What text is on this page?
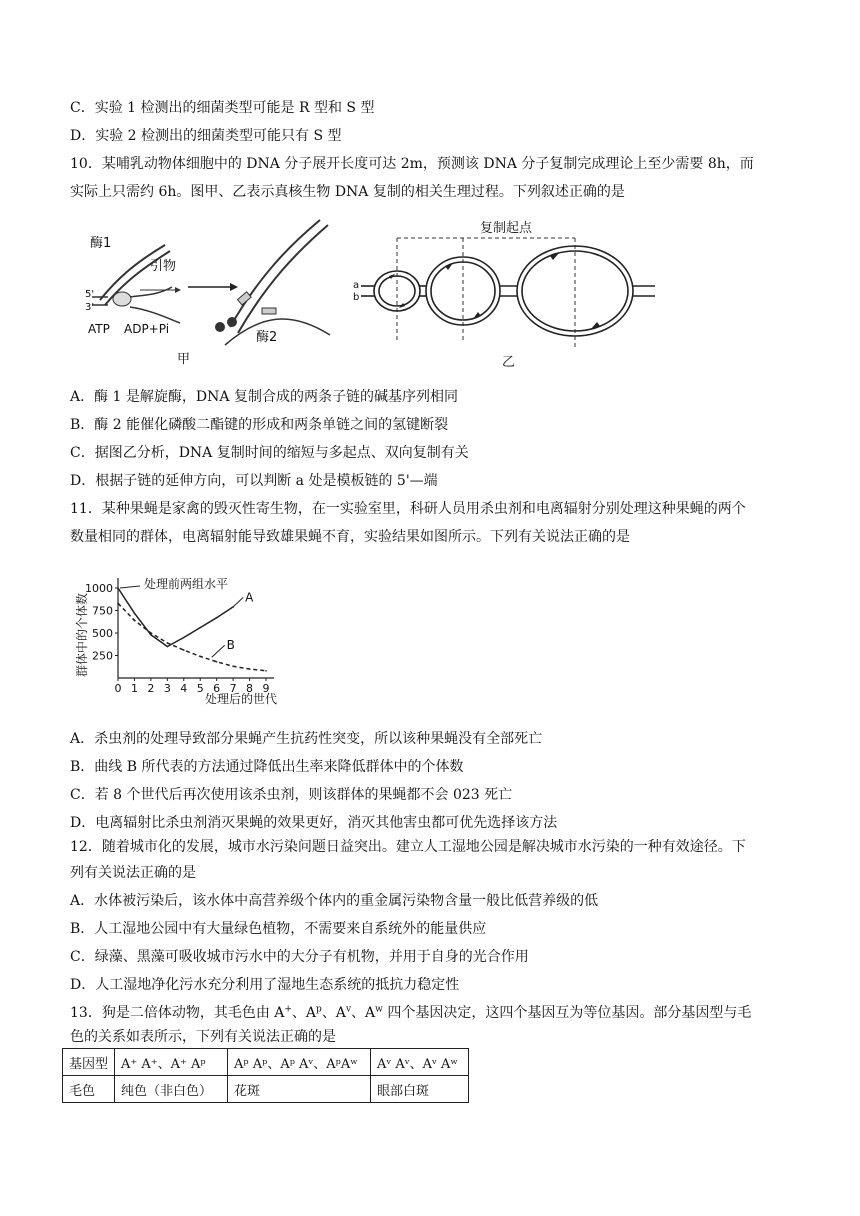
C．实验 1 检测出的细菌类型可能是 R 型和 S 型
D．实验 2 检测出的细菌类型可能只有 S 型
10．某哺乳动物体细胞中的 DNA 分子展开长度可达 2m，预测该 DNA 分子复制完成理论上至少需要 8h，而
实际上只需约 6h。图甲、乙表示真核生物 DNA 复制的相关生理过程。下列叙述正确的是
酶1
引物
5'
3'
ATP ADP+Pi
酶2
甲
复制起点
a
b
乙
A．酶 1 是解旋酶，DNA 复制合成的两条子链的碱基序列相同
B．酶 2 能催化磷酸二酯键的形成和两条单链之间的氢键断裂
C．据图乙分析，DNA 复制时间的缩短与多起点、双向复制有关
D．根据子链的延伸方向，可以判断 a 处是模板链的 5'—端
11．某种果蝇是家禽的毁灭性寄生物，在一实验室里，科研人员用杀虫剂和电离辐射分别处理这种果蝇的两个
数量相同的群体，电离辐射能导致雄果蝇不育，实验结果如图所示。下列有关说法正确的是
群体中的个体数
处理后的世代
处理前两组水平
1000
750
500
250
0 1 2 3 4 5 6 7 8 9
A
B
A．杀虫剂的处理导致部分果蝇产生抗药性突变，所以该种果蝇没有全部死亡
B．曲线 B 所代表的方法通过降低出生率来降低群体中的个体数
C．若 8 个世代后再次使用该杀虫剂，则该群体的果蝇都不会 023 死亡
D．电离辐射比杀虫剂消灭果蝇的效果更好，消灭其他害虫都可优先选择该方法
12．随着城市化的发展，城市水污染问题日益突出。建立人工湿地公园是解决城市水污染的一种有效途径。下
列有关说法正确的是
A．水体被污染后，该水体中高营养级个体内的重金属污染物含量一般比低营养级的低
B．人工湿地公园中有大量绿色植物，不需要来自系统外的能量供应
C．绿藻、黑藻可吸收城市污水中的大分子有机物，并用于自身的光合作用
D．人工湿地净化污水充分利用了湿地生态系统的抵抗力稳定性
13．狗是二倍体动物，其毛色由 A+、$A^p$、$A^v$、$A^w$ 四个基因决定，这四个基因互为等位基因。部分基因型与毛
色的关系如表所示，下列有关说法正确的是
基因型	A⁺ A⁺、A⁺ Aᵖ	Aᵖ Aᵖ、Aᵖ Aᵛ、AᵖAʷ	Aᵛ Aᵛ、Aᵛ Aʷ
毛色	纯色（非白色）	花斑	眼部白斑
